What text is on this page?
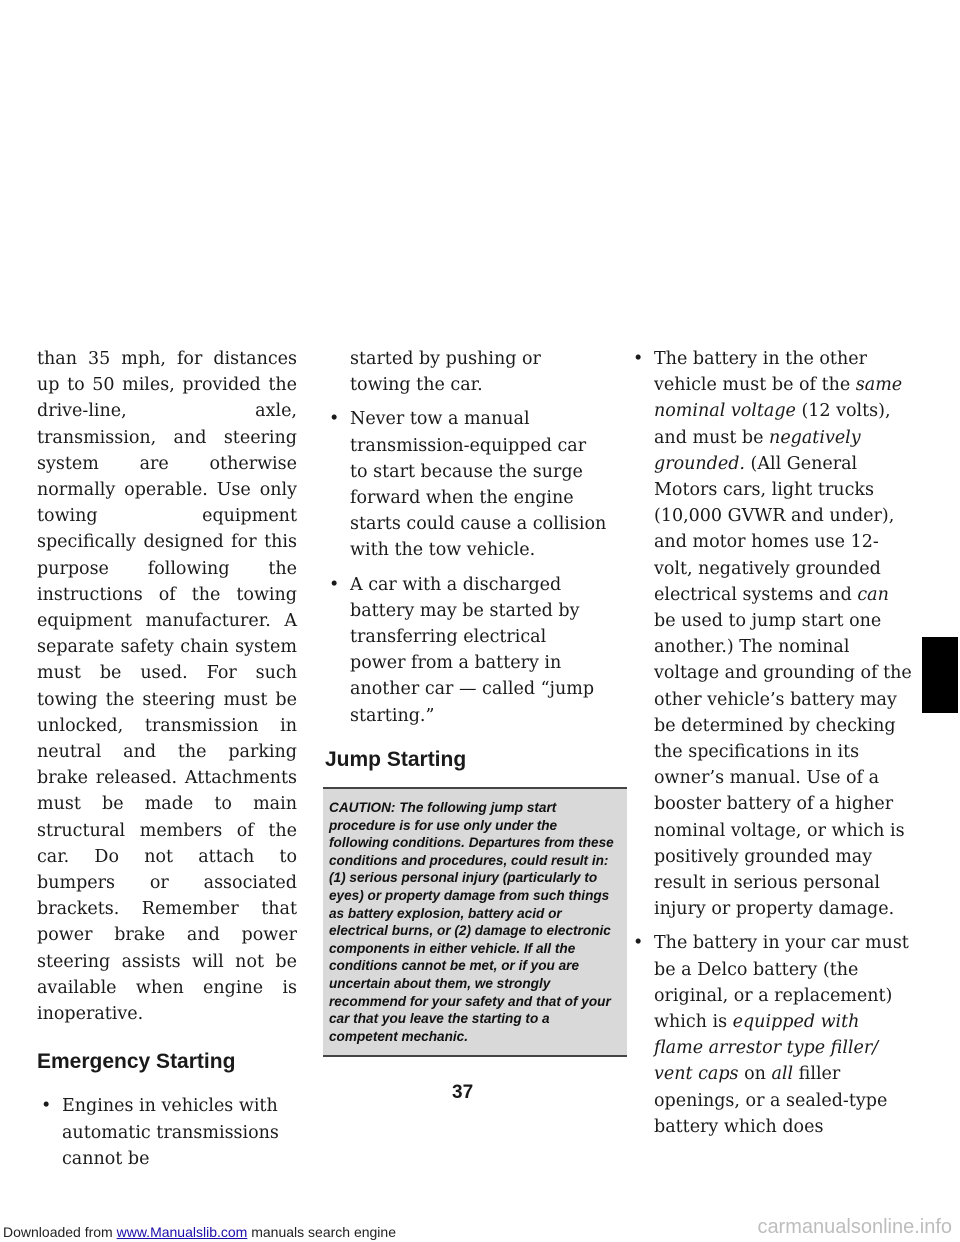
Downloaded from www.Manualslib.com manuals search engine

than 35 mph, for distances up to 50 miles, provided the drive-line, axle, transmission, and steering system are otherwise normally operable. Use only towing equipment specifically designed for this purpose following the instructions of the towing equipment manufacturer. A separate safety chain system must be used. For such towing the steering must be unlocked, transmission in neutral and the parking brake released. Attachments must be made to main structural members of the car. Do not attach to bumpers or associated brackets. Remember that power brake and power steering assists will not be available when engine is inoperative.

Emergency Starting
• Engines in vehicles with automatic transmissions cannot be

started by pushing or towing the car.

• Never tow a manual transmission-equipped car to start because the surge forward when the engine starts could cause a collision with the tow vehicle.
• A car with a discharged battery may be started by transferring electrical power from a battery in another car — called “jump starting.”
Jump Starting
CAUTION: The following jump start procedure is for use only under the following conditions. Departures from these conditions and procedures, could result in: (1) serious personal injury (particularly to eyes) or property damage from such things as battery explosion, battery acid or electrical burns, or (2) damage to electronic components in either vehicle. If all the conditions cannot be met, or if you are uncertain about them, we strongly recommend for your safety and that of your car that you leave the starting to a competent mechanic.
• The battery in the other vehicle must be of the same nominal voltage (12 volts), and must be negatively grounded. (All General Motors cars, light trucks (10,000 GVWR and under), and motor homes use 12-volt, negatively grounded electrical systems and can be used to jump start one another.) The nominal voltage and grounding of the other vehicle’s battery may be determined by checking the specifications in its owner’s manual. Use of a booster battery of a higher nominal voltage, or which is positively grounded may result in serious personal injury or property damage.
• The battery in your car must be a Delco battery (the original, or a replacement) which is equipped with flame arrestor type filler/ vent caps on all filler openings, or a sealed-type battery which does
37
carmanualsonline.info
